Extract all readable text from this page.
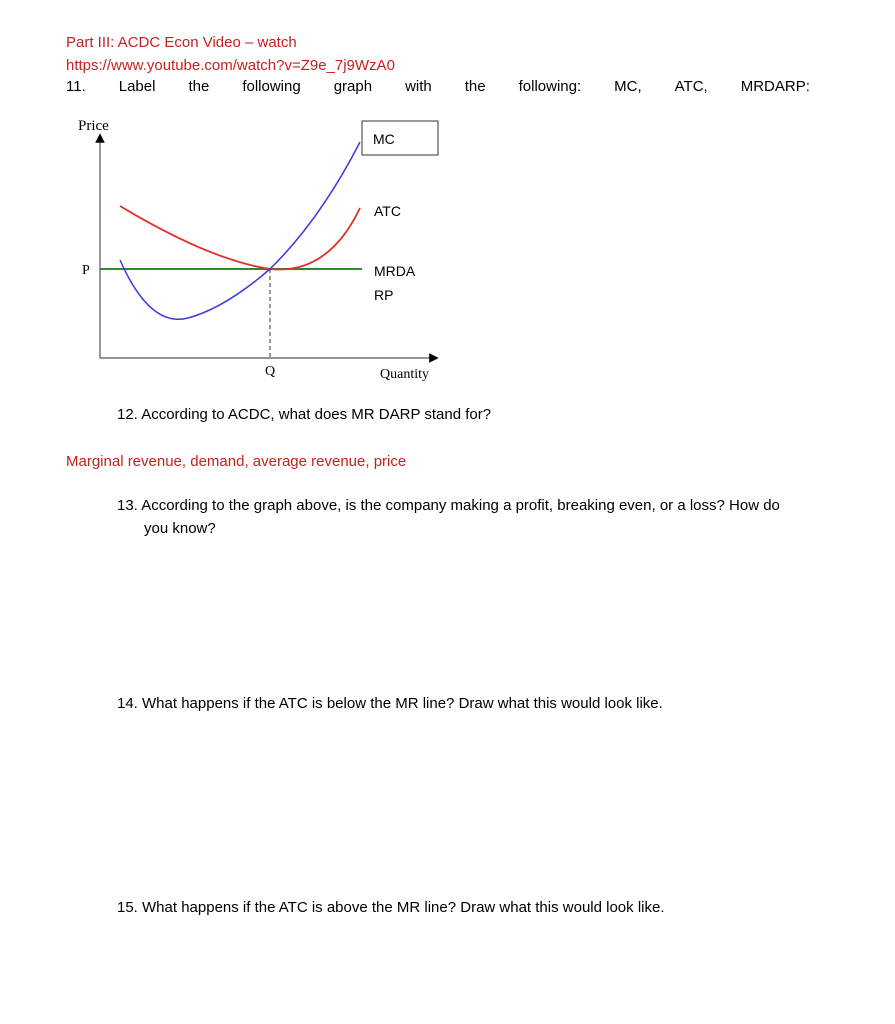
Part III: ACDC Econ Video – watch
https://www.youtube.com/watch?v=Z9e_7j9WzA0
11. Label the following graph with the following: MC, ATC, MRDARP:
Price
P
Q	Quantity
MC
ATC
MRDA
RP
12. According to ACDC, what does MR DARP stand for?
Marginal revenue, demand, average revenue, price
13. According to the graph above, is the company making a profit, breaking even, or a loss? How do
you know?
14. What happens if the ATC is below the MR line? Draw what this would look like.
15. What happens if the ATC is above the MR line? Draw what this would look like.
